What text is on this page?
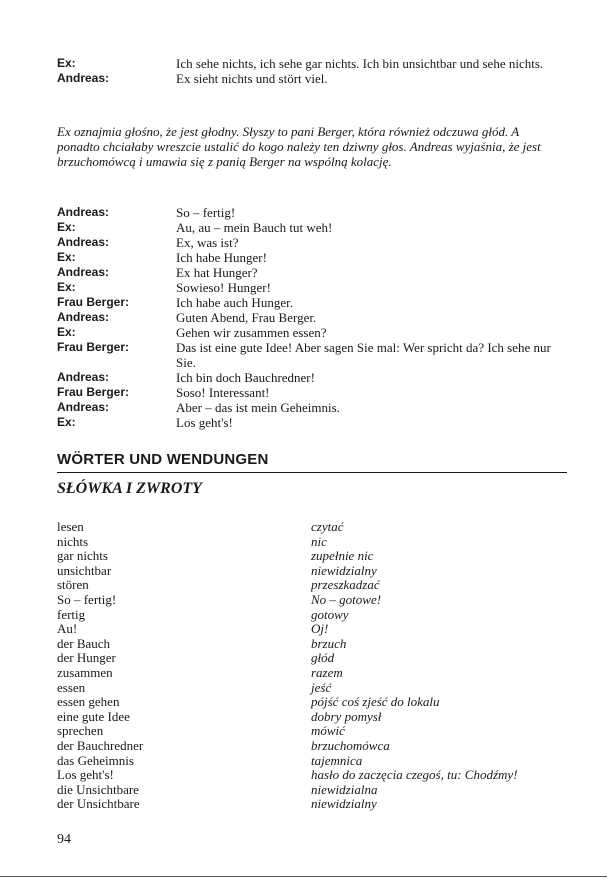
Ex:	Ich sehe nichts, ich sehe gar nichts. Ich bin unsichtbar und sehe nichts.
Andreas:	Ex sieht nichts und stört viel.
Ex oznajmia głośno, że jest głodny. Słyszy to pani Berger, która również odczuwa głód. A ponadto chciałaby wreszcie ustalić do kogo należy ten dziwny głos. Andreas wyjaśnia, że jest brzuchomówcą i umawia się z panią Berger na wspólną kolację.
Andreas:	So – fertig!
Ex:	Au, au – mein Bauch tut weh!
Andreas:	Ex, was ist?
Ex:	Ich habe Hunger!
Andreas:	Ex hat Hunger?
Ex:	Sowieso! Hunger!
Frau Berger:	Ich habe auch Hunger.
Andreas:	Guten Abend, Frau Berger.
Ex:	Gehen wir zusammen essen?
Frau Berger:	Das ist eine gute Idee! Aber sagen Sie mal: Wer spricht da? Ich sehe nur Sie.
Andreas:	Ich bin doch Bauchredner!
Frau Berger:	Soso! Interessant!
Andreas:	Aber – das ist mein Geheimnis.
Ex:	Los geht's!
WÖRTER UND WENDUNGEN
SŁÓWKA I ZWROTY
lesen	czytać
nichts	nic
gar nichts	zupełnie nic
unsichtbar	niewidzialny
stören	przeszkadzać
So – fertig!	No – gotowe!
fertig	gotowy
Au!	Oj!
der Bauch	brzuch
der Hunger	głód
zusammen	razem
essen	jeść
essen gehen	pójść coś zjeść do lokalu
eine gute Idee	dobry pomysł
sprechen	mówić
der Bauchredner	brzuchomówca
das Geheimnis	tajemnica
Los geht's!	hasło do zaczęcia czegoś, tu: Chodźmy!
die Unsichtbare	niewidzialna
der Unsichtbare	niewidzialny
94
